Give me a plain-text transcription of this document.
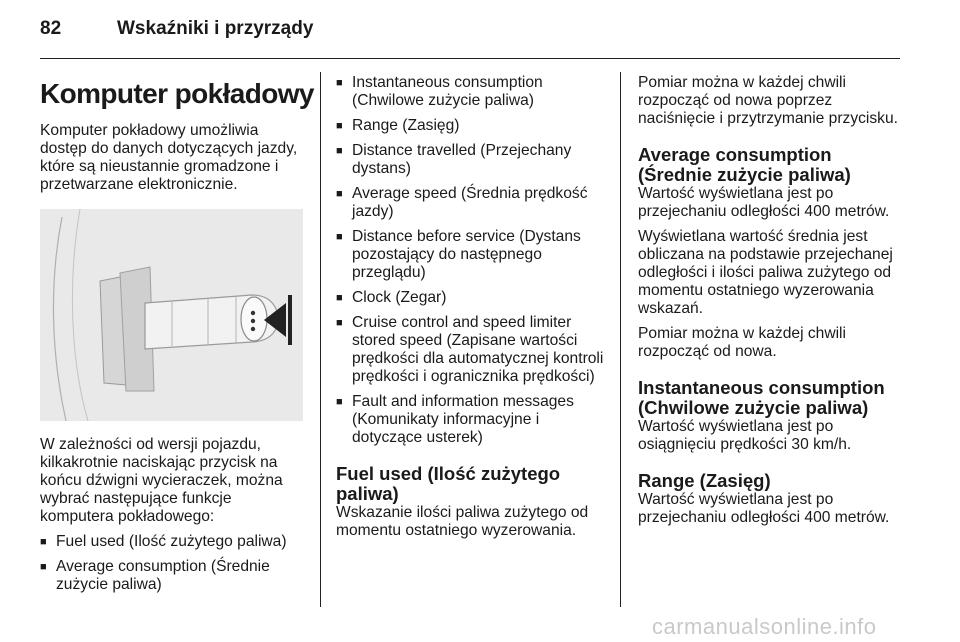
82	Wskaźniki i przyrządy
Komputer pokładowy

Komputer pokładowy umożliwia dostęp do danych dotyczących jazdy, które są nieustannie gromadzone i przetwarzane elektronicznie.

W zależności od wersji pojazdu, kilkakrotnie naciskając przycisk na końcu dźwigni wycieraczek, można wybrać następujące funkcje komputera pokładowego:

■ Fuel used (Ilość zużytego paliwa)
■ Average consumption (Średnie zużycie paliwa)
■ Instantaneous consumption (Chwilowe zużycie paliwa)
■ Range (Zasięg)
■ Distance travelled (Przejechany dystans)
■ Average speed (Średnia prędkość jazdy)
■ Distance before service (Dystans pozostający do następnego przeglądu)
■ Clock (Zegar)
■ Cruise control and speed limiter stored speed (Zapisane wartości prędkości dla automatycznej kontroli prędkości i ogranicznika prędkości)
■ Fault and information messages (Komunikaty informacyjne i dotyczące usterek)
Fuel used (Ilość zużytego paliwa)

Wskazanie ilości paliwa zużytego od momentu ostatniego wyzerowania.

Pomiar można w każdej chwili rozpocząć od nowa poprzez naciśnięcie i przytrzymanie przycisku.

Average consumption (Średnie zużycie paliwa)

Wartość wyświetlana jest po przejechaniu odległości 400 metrów.

Wyświetlana wartość średnia jest obliczana na podstawie przejechanej odległości i ilości paliwa zużytego od momentu ostatniego wyzerowania wskazań.

Pomiar można w każdej chwili rozpocząć od nowa.

Instantaneous consumption (Chwilowe zużycie paliwa)

Wartość wyświetlana jest po osiągnięciu prędkości 30 km/h.

Range (Zasięg)

Wartość wyświetlana jest po przejechaniu odległości 400 metrów.

carmanualsonline.info
